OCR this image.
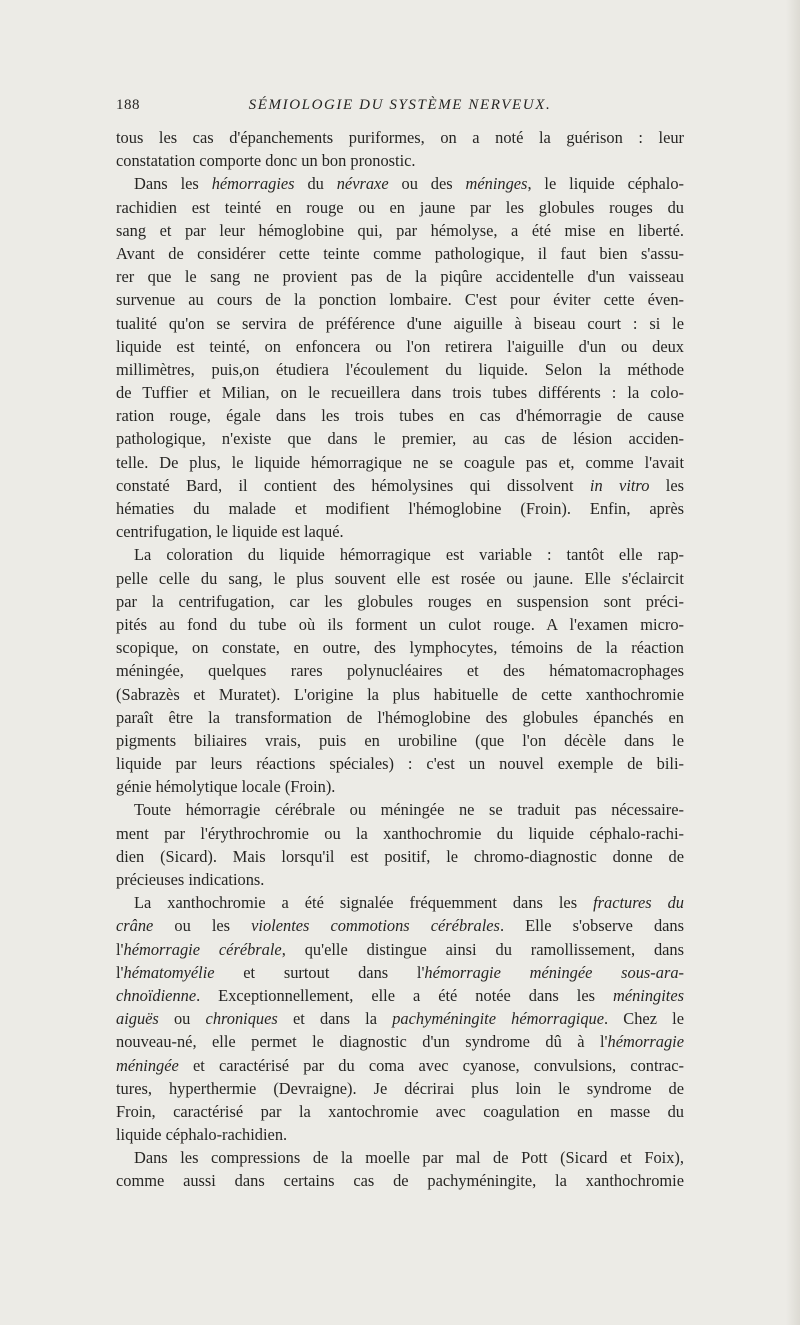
188	SÉMIOLOGIE DU SYSTÈME NERVEUX.
tous les cas d'épanchements puriformes, on a noté la guérison : leur
constatation comporte donc un bon pronostic.
Dans les hémorragies du névraxe ou des méninges, le liquide céphalo-
rachidien est teinté en rouge ou en jaune par les globules rouges du
sang et par leur hémoglobine qui, par hémolyse, a été mise en liberté.
Avant de considérer cette teinte comme pathologique, il faut bien s'assu-
rer que le sang ne provient pas de la piqûre accidentelle d'un vaisseau
survenue au cours de la ponction lombaire. C'est pour éviter cette éven-
tualité qu'on se servira de préférence d'une aiguille à biseau court : si le
liquide est teinté, on enfoncera ou l'on retirera l'aiguille d'un ou deux
millimètres, puis,on étudiera l'écoulement du liquide. Selon la méthode
de Tuffier et Milian, on le recueillera dans trois tubes différents : la colo-
ration rouge, égale dans les trois tubes en cas d'hémorragie de cause
pathologique, n'existe que dans le premier, au cas de lésion acciden-
telle. De plus, le liquide hémorragique ne se coagule pas et, comme l'avait
constaté Bard, il contient des hémolysines qui dissolvent in vitro les
hématies du malade et modifient l'hémoglobine (Froin). Enfin, après
centrifugation, le liquide est laqué.
La coloration du liquide hémorragique est variable : tantôt elle rap-
pelle celle du sang, le plus souvent elle est rosée ou jaune. Elle s'éclaircit
par la centrifugation, car les globules rouges en suspension sont préci-
pités au fond du tube où ils forment un culot rouge. A l'examen micro-
scopique, on constate, en outre, des lymphocytes, témoins de la réaction
méningée, quelques rares polynucléaires et des hématomacrophages
(Sabrazès et Muratet). L'origine la plus habituelle de cette xanthochromie
paraît être la transformation de l'hémoglobine des globules épanchés en
pigments biliaires vrais, puis en urobiline (que l'on décèle dans le
liquide par leurs réactions spéciales) : c'est un nouvel exemple de bili-
génie hémolytique locale (Froin).
Toute hémorragie cérébrale ou méningée ne se traduit pas nécessaire-
ment par l'érythrochromie ou la xanthochromie du liquide céphalo-rachi-
dien (Sicard). Mais lorsqu'il est positif, le chromo-diagnostic donne de
précieuses indications.
La xanthochromie a été signalée fréquemment dans les fractures du
crâne ou les violentes commotions cérébrales. Elle s'observe dans
l'hémorragie cérébrale, qu'elle distingue ainsi du ramollissement, dans
l'hématomyélie et surtout dans l'hémorragie méningée sous-ara-
chnoïdienne. Exceptionnellement, elle a été notée dans les méningites
aiguës ou chroniques et dans la pachyméningite hémorragique. Chez le
nouveau-né, elle permet le diagnostic d'un syndrome dû à l'hémorragie
méningée et caractérisé par du coma avec cyanose, convulsions, contrac-
tures, hyperthermie (Devraigne). Je décrirai plus loin le syndrome de
Froin, caractérisé par la xantochromie avec coagulation en masse du
liquide céphalo-rachidien.
Dans les compressions de la moelle par mal de Pott (Sicard et Foix),
comme aussi dans certains cas de pachyméningite, la xanthochromie
